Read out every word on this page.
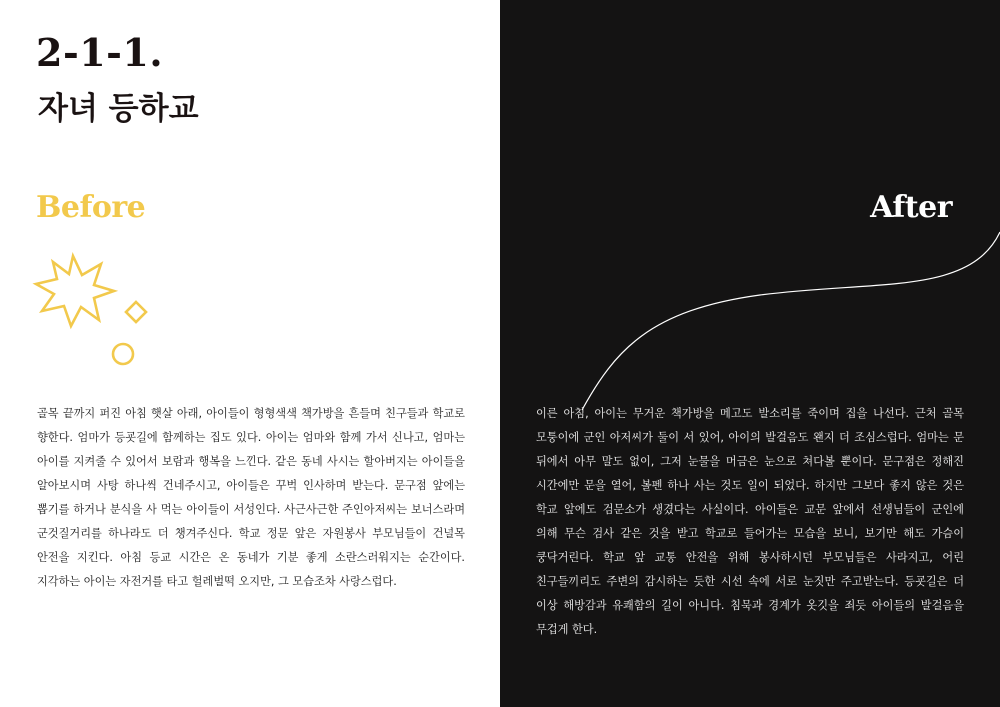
2-1-1.
자녀 등하교
Before	After
골목 끝까지 퍼진 아침 햇살 아래, 아이들이 형형색색 책가방을 흔들며 친구들과 학교로 향한다. 엄마가 등굣길에 함께하는 집도 있다. 아이는 엄마와 함께 가서 신나고, 엄마는 아이를 지켜줄 수 있어서 보람과 행복을 느낀다. 같은 동네 사시는 할아버지는 아이들을 알아보시며 사탕 하나씩 건네주시고, 아이들은 꾸벅 인사하며 받는다. 문구점 앞에는 뽑기를 하거나 분식을 사 먹는 아이들이 서성인다. 사근사근한 주인아저씨는 보너스라며 군것질거리를 하나라도 더 챙겨주신다. 학교 정문 앞은 자원봉사 부모님들이 건널목 안전을 지킨다. 아침 등교 시간은 온 동네가 기분 좋게 소란스러워지는 순간이다. 지각하는 아이는 자전거를 타고 헐레벌떡 오지만, 그 모습조차 사랑스럽다.
이른 아침, 아이는 무거운 책가방을 메고도 발소리를 죽이며 집을 나선다. 근처 골목 모퉁이에 군인 아저씨가 둘이 서 있어, 아이의 발걸음도 왠지 더 조심스럽다. 엄마는 문 뒤에서 아무 말도 없이, 그저 눈물을 머금은 눈으로 쳐다볼 뿐이다. 문구점은 정해진 시간에만 문을 열어, 볼펜 하나 사는 것도 일이 되었다. 하지만 그보다 좋지 않은 것은 학교 앞에도 검문소가 생겼다는 사실이다. 아이들은 교문 앞에서 선생님들이 군인에 의해 무슨 검사 같은 것을 받고 학교로 들어가는 모습을 보니, 보기만 해도 가슴이 쿵닥거린다. 학교 앞 교통 안전을 위해 봉사하시던 부모님들은 사라지고, 어린 친구들끼리도 주변의 감시하는 듯한 시선 속에 서로 눈짓만 주고받는다. 등굣길은 더 이상 해방감과 유쾌함의 길이 아니다. 침묵과 경계가 옷깃을 죄듯 아이들의 발걸음을 무겁게 한다.
